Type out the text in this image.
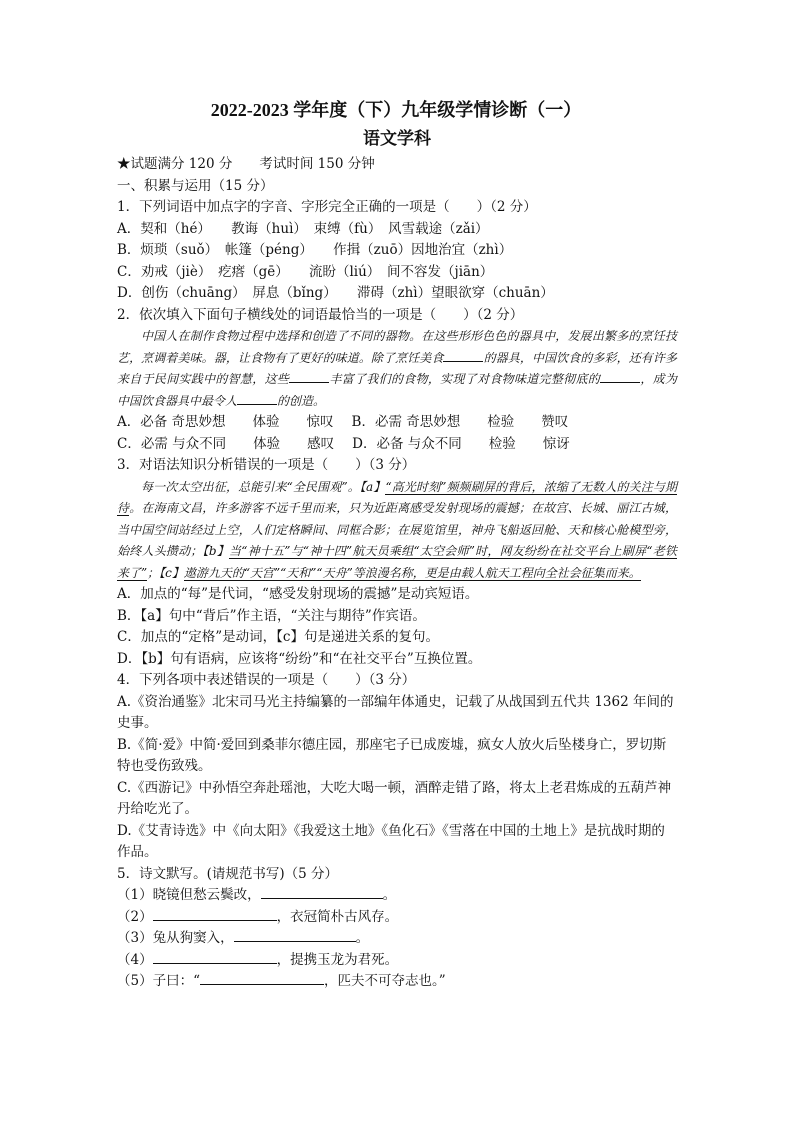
2022-2023 学年度（下）九年级学情诊断（一）
语文学科
★试题满分 120 分　　考试时间 150 分钟
一、积累与运用（15 分）
1．下列词语中加点字的字音、字形完全正确的一项是（　　）（2 分）
A．契和（hé）　　教诲（huì）　束缚（fù）　风雪载途（zǎi）
B．烦琐（suǒ）　帐篷（péng）　　作揖（zuō）因地治宜（zhì）
C．劝戒（jiè）　疙瘩（gē）　　流盼（liú）　间不容发（jiān）
D．创伤（chuāng）　屏息（bǐng）　　滞碍（zhì）望眼欲穿（chuān）
2．依次填入下面句子横线处的词语最恰当的一项是（　　）（2 分）
中国人在制作食物过程中选择和创造了不同的器物。在这些形形色色的器具中，发展出繁多的烹饪技艺，烹调着美味。器，让食物有了更好的味道。除了烹饪美食	的器具，中国饮食的多彩，还有许多来自于民间实践中的智慧，这些	丰富了我们的食物，实现了对食物味道完整彻底的	，成为中国饮食器具中最令人	的创造。
A．必备 奇思妙想　　体验　　惊叹 B．必需 奇思妙想　　检验　　赞叹
C．必需 与众不同　　体验　　感叹 D．必备 与众不同　　检验　　惊讶
3．对语法知识分析错误的一项是（　　）（3 分）
每一次太空出征，总能引来“全民围观”。【a】“高光时刻”频频刷屏的背后，浓缩了无数人的关注与期待。在海南文昌，许多游客不远千里而来，只为近距离感受发射现场的震撼；在故宫、长城、丽江古城，当中国空间站经过上空，人们定格瞬间、同框合影；在展览馆里，神舟飞船返回舱、天和核心舱模型旁，始终人头攒动；【b】当“神十五”与“神十四”航天员乘组“太空会师”时，网友纷纷在社交平台上刷屏“老铁来了”；【c】遨游九天的“天宫”“天和”“天舟”等浪漫名称，更是由载人航天工程向全社会征集而来。
A．加点的“每”是代词，“感受发射现场的震撼”是动宾短语。
B．【a】句中“背后”作主语，“关注与期待”作宾语。
C．加点的“定格”是动词，【c】句是递进关系的复句。
D．【b】句有语病，应该将“纷纷”和“在社交平台”互换位置。
4．下列各项中表述错误的一项是（　　）（3 分）
A.《资治通鉴》北宋司马光主持编纂的一部编年体通史，记载了从战国到五代共 1362 年间的史事。
B.《简·爱》中简·爱回到桑菲尔德庄园，那座宅子已成废墟，疯女人放火后坠楼身亡，罗切斯特也受伤致残。
C.《西游记》中孙悟空奔赴瑶池，大吃大喝一顿，酒醉走错了路，将太上老君炼成的五葫芦神丹给吃光了。
D.《艾青诗选》中《向太阳》《我爱这土地》《鱼化石》《雪落在中国的土地上》是抗战时期的作品。
5．诗文默写。(请规范书写)（5 分）
（1）晓镜但愁云鬓改，	。
（2）	，衣冠简朴古风存。
（3）兔从狗窦入，	。
（4）	，提携玉龙为君死。
（5）子曰：“	，匹夫不可夺志也。”
